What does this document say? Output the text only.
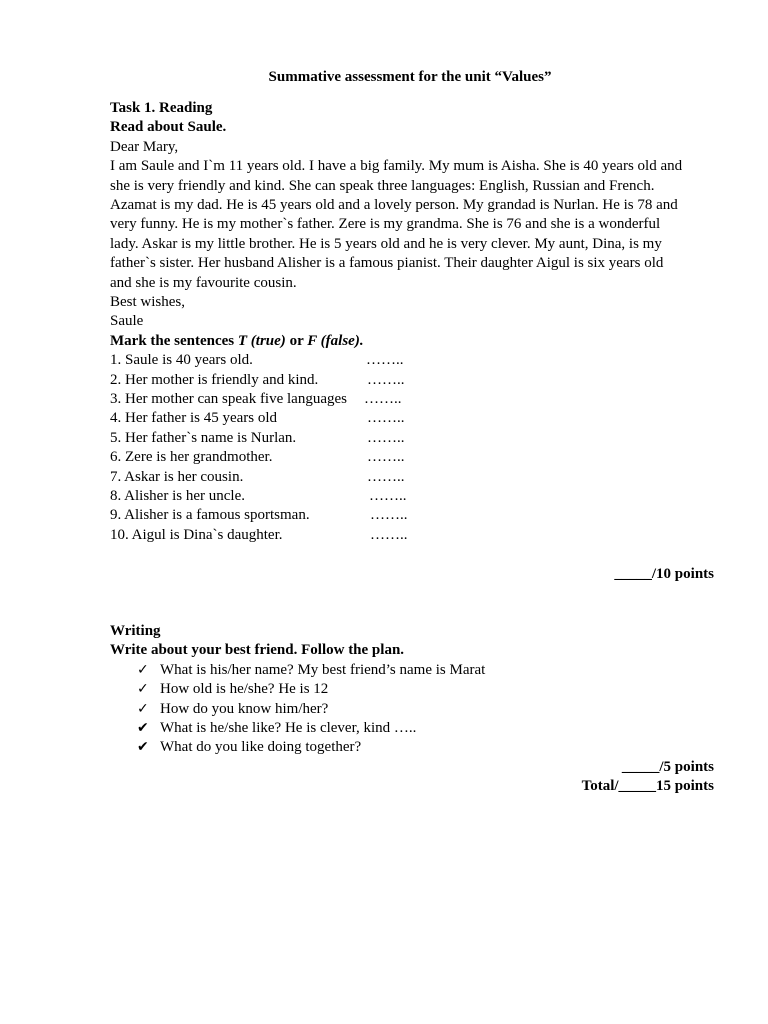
Summative assessment for the unit “Values”
Task 1. Reading
Read about Saule.
Dear Mary,
I am Saule and I`m 11 years old. I have a big family. My mum is Aisha. She is 40 years old and
she is very friendly and kind. She can speak three languages: English, Russian and French.
Azamat is my dad. He is 45 years old and a lovely person. My grandad is Nurlan. He is 78 and
very funny. He is my mother`s father. Zere is my grandma. She is 76 and she is a wonderful
lady. Askar is my little brother. He is 5 years old and he is very clever. My aunt, Dina, is my
father`s sister. Her husband Alisher is a famous pianist. Their daughter Aigul is six years old
and she is my favourite cousin.
Best wishes,
Saule
Mark the sentences T (true) or F (false).
1. Saule is 40 years old.	……..
2. Her mother is friendly and kind.	……..
3. Her mother can speak five languages	……..
4. Her father is 45 years old	……..
5. Her father`s name is Nurlan.	……..
6. Zere is her grandmother.	……..
7. Askar is her cousin.	……..
8. Alisher is her uncle.	……..
9. Alisher is a famous sportsman.	……..
10. Aigul is Dina`s daughter.	……..
_____/10 points
Writing
Write about your best friend. Follow the plan.
✓ What is his/her name? My best friend’s name is Marat
✓ How old is he/she? He is 12
✓ How do you know him/her?
✔ What is he/she like? He is clever, kind …..
✔ What do you like doing together?
_____/5 points
Total/_____15 points
